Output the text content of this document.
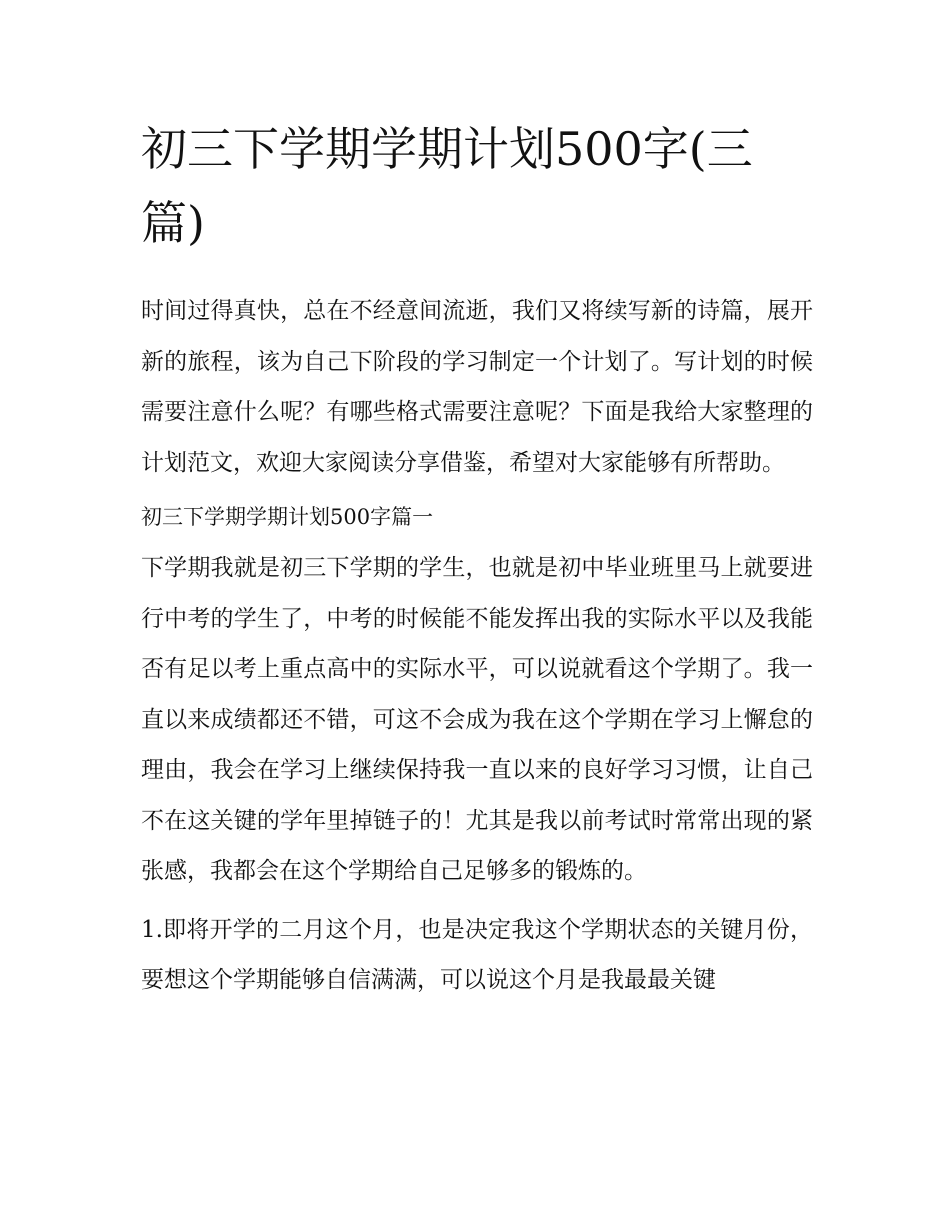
初三下学期学期计划500字(三篇)

时间过得真快，总在不经意间流逝，我们又将续写新的诗篇，展开新的旅程，该为自己下阶段的学习制定一个计划了。写计划的时候需要注意什么呢？有哪些格式需要注意呢？下面是我给大家整理的计划范文，欢迎大家阅读分享借鉴，希望对大家能够有所帮助。

初三下学期学期计划500字篇一

下学期我就是初三下学期的学生，也就是初中毕业班里马上就要进行中考的学生了，中考的时候能不能发挥出我的实际水平以及我能否有足以考上重点高中的实际水平，可以说就看这个学期了。我一直以来成绩都还不错，可这不会成为我在这个学期在学习上懈怠的理由，我会在学习上继续保持我一直以来的良好学习习惯，让自己不在这关键的学年里掉链子的！尤其是我以前考试时常常出现的紧张感，我都会在这个学期给自己足够多的锻炼的。

1.即将开学的二月这个月，也是决定我这个学期状态的关键月份，要想这个学期能够自信满满，可以说这个月是我最最关键
